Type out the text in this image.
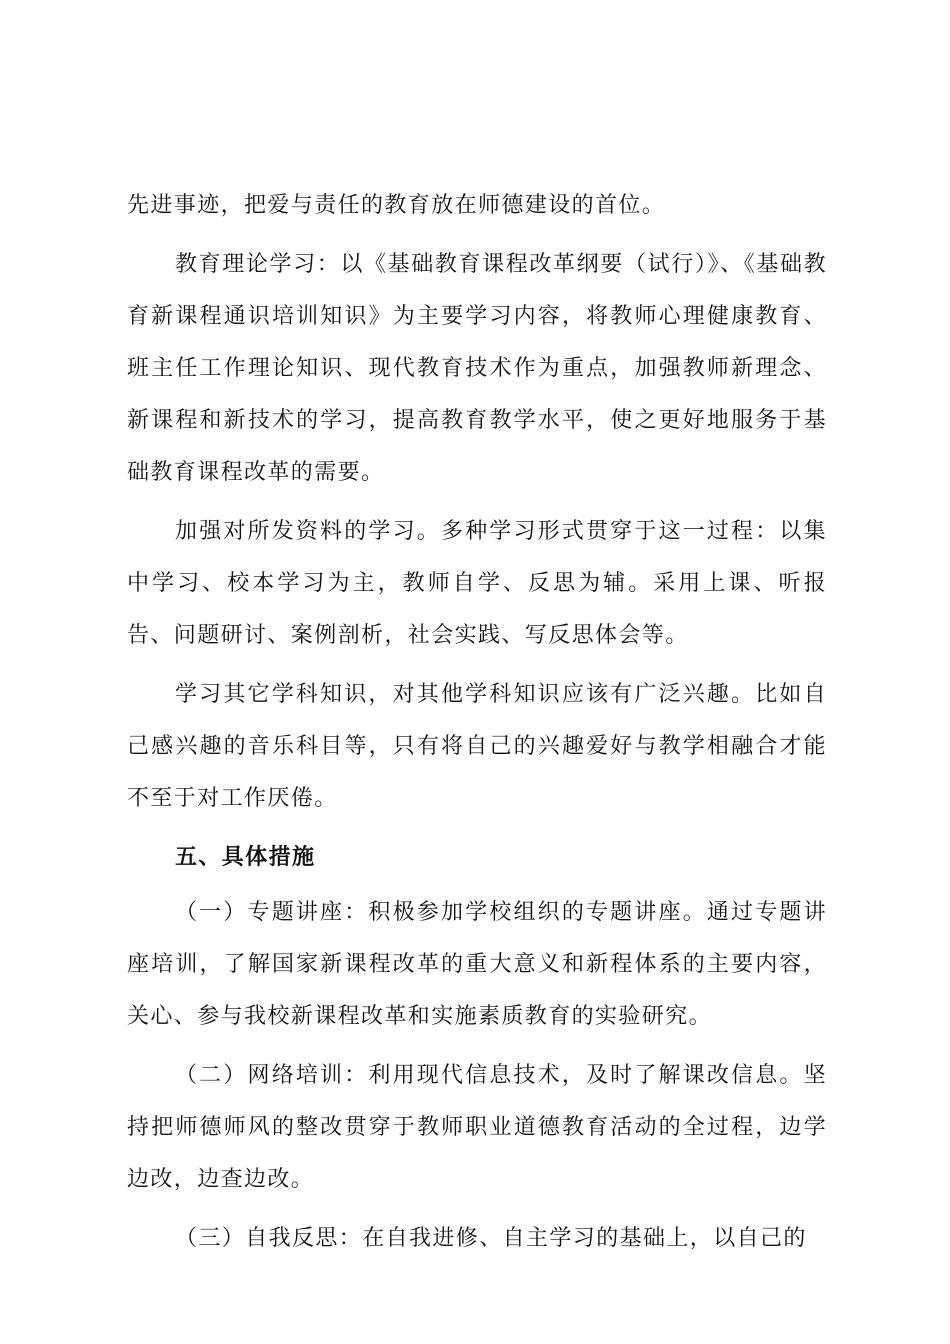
先进事迹，把爱与责任的教育放在师德建设的首位。

教育理论学习：以《基础教育课程改革纲要（试行）》、《基础教育新课程通识培训知识》为主要学习内容，将教师心理健康教育、班主任工作理论知识、现代教育技术作为重点，加强教师新理念、新课程和新技术的学习，提高教育教学水平，使之更好地服务于基础教育课程改革的需要。

加强对所发资料的学习。多种学习形式贯穿于这一过程：以集中学习、校本学习为主，教师自学、反思为辅。采用上课、听报告、问题研讨、案例剖析，社会实践、写反思体会等。

学习其它学科知识，对其他学科知识应该有广泛兴趣。比如自己感兴趣的音乐科目等，只有将自己的兴趣爱好与教学相融合才能不至于对工作厌倦。

五、具体措施

（一）专题讲座：积极参加学校组织的专题讲座。通过专题讲座培训，了解国家新课程改革的重大意义和新程体系的主要内容，关心、参与我校新课程改革和实施素质教育的实验研究。

（二）网络培训：利用现代信息技术，及时了解课改信息。坚持把师德师风的整改贯穿于教师职业道德教育活动的全过程，边学边改，边查边改。

（三）自我反思：在自我进修、自主学习的基础上，以自己的
